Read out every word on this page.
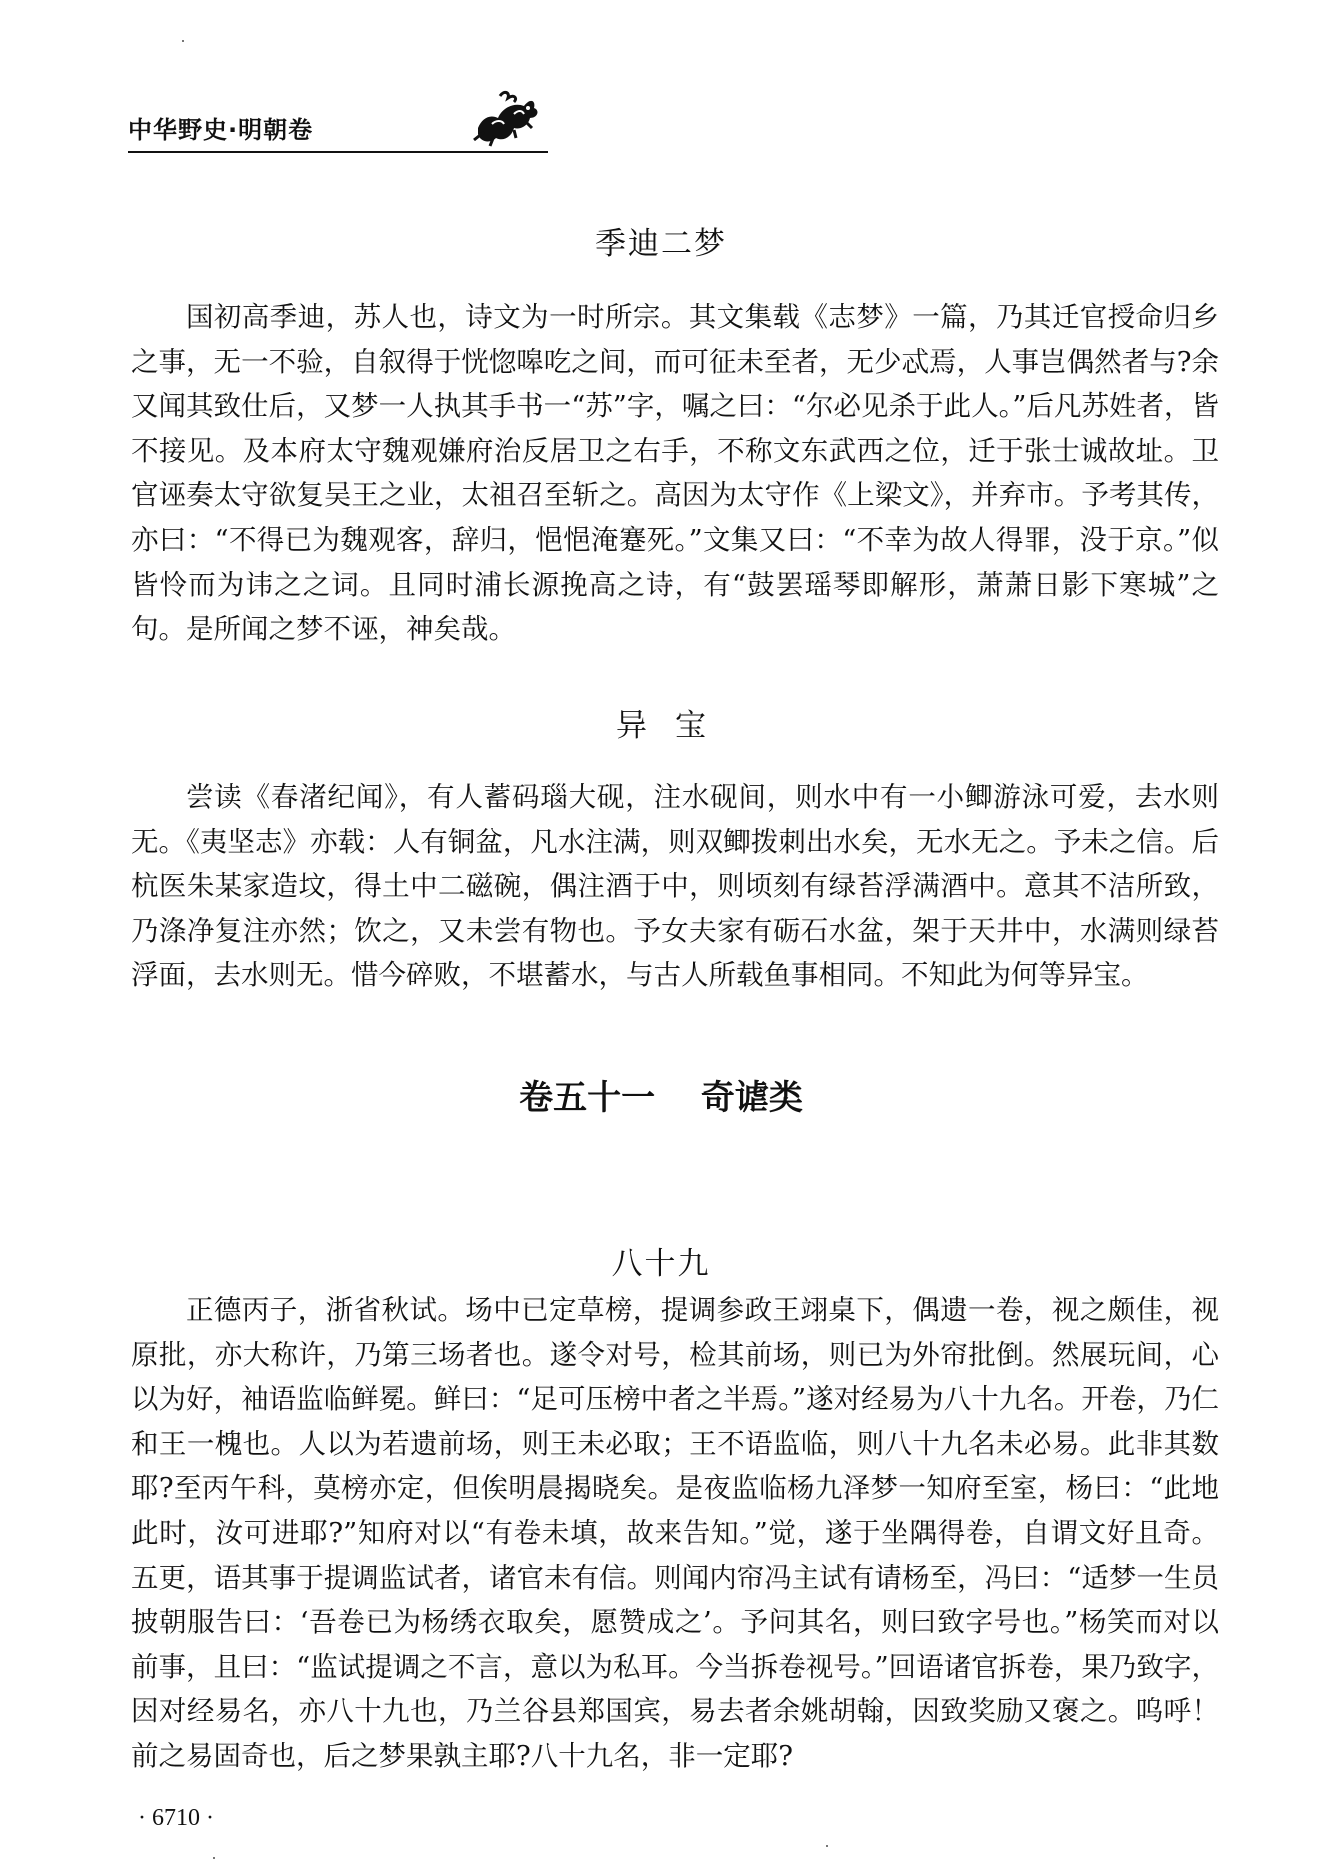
中华野史·明朝卷
季迪二梦

国初高季迪，苏人也，诗文为一时所宗。其文集载《志梦》一篇，乃其迁官授命归乡之事，无一不验，自叙得于恍惚嗥吃之间，而可征未至者，无少忒焉，人事岂偶然者与?余又闻其致仕后，又梦一人执其手书一“苏”字，嘱之曰：“尔必见杀于此人。”后凡苏姓者，皆不接见。及本府太守魏观嫌府治反居卫之右手，不称文东武西之位，迁于张士诚故址。卫官诬奏太守欲复吴王之业，太祖召至斩之。高因为太守作《上梁文》，并弃市。予考其传，亦曰：“不得已为魏观客，辞归，悒悒淹蹇死。”文集又曰：“不幸为故人得罪，没于京。”似皆怜而为讳之之词。且同时浦长源挽高之诗，有“鼓罢瑶琴即解形，萧萧日影下寒城”之句。是所闻之梦不诬，神矣哉。

异宝

尝读《春渚纪闻》，有人蓄码瑙大砚，注水砚间，则水中有一小鲫游泳可爱，去水则无。《夷坚志》亦载：人有铜盆，凡水注满，则双鲫拨刺出水矣，无水无之。予未之信。后杭医朱某家造坟，得土中二磁碗，偶注酒于中，则顷刻有绿苔浮满酒中。意其不洁所致，乃涤净复注亦然；饮之，又未尝有物也。予女夫家有砺石水盆，架于天井中，水满则绿苔浮面，去水则无。惜今碎败，不堪蓄水，与古人所载鱼事相同。不知此为何等异宝。

卷五十一　 奇谑类
八十九

正德丙子，浙省秋试。场中已定草榜，提调参政王翊桌下，偶遗一卷，视之颇佳，视原批，亦大称许，乃第三场者也。遂令对号，检其前场，则已为外帘批倒。然展玩间，心以为好，袖语监临鲜冕。鲜曰：“足可压榜中者之半焉。”遂对经易为八十九名。开卷，乃仁和王一槐也。人以为若遗前场，则王未必取；王不语监临，则八十九名未必易。此非其数耶?至丙午科，莫榜亦定，但俟明晨揭晓矣。是夜监临杨九泽梦一知府至室，杨曰：“此地此时，汝可进耶?”知府对以“有卷未填，故来告知。”觉，遂于坐隅得卷，自谓文好且奇。五更，语其事于提调监试者，诸官未有信。则闻内帘冯主试有请杨至，冯曰：“适梦一生员披朝服告曰：‘吾卷已为杨绣衣取矣，愿赞成之’。予问其名，则曰致字号也。”杨笑而对以前事，且曰：“监试提调之不言，意以为私耳。今当拆卷视号。”回语诸官拆卷，果乃致字，因对经易名，亦八十九也，乃兰谷县郑国宾，易去者余姚胡翰，因致奖励又褒之。呜呼！前之易固奇也，后之梦果孰主耶?八十九名，非一定耶?

· 6710 ·
